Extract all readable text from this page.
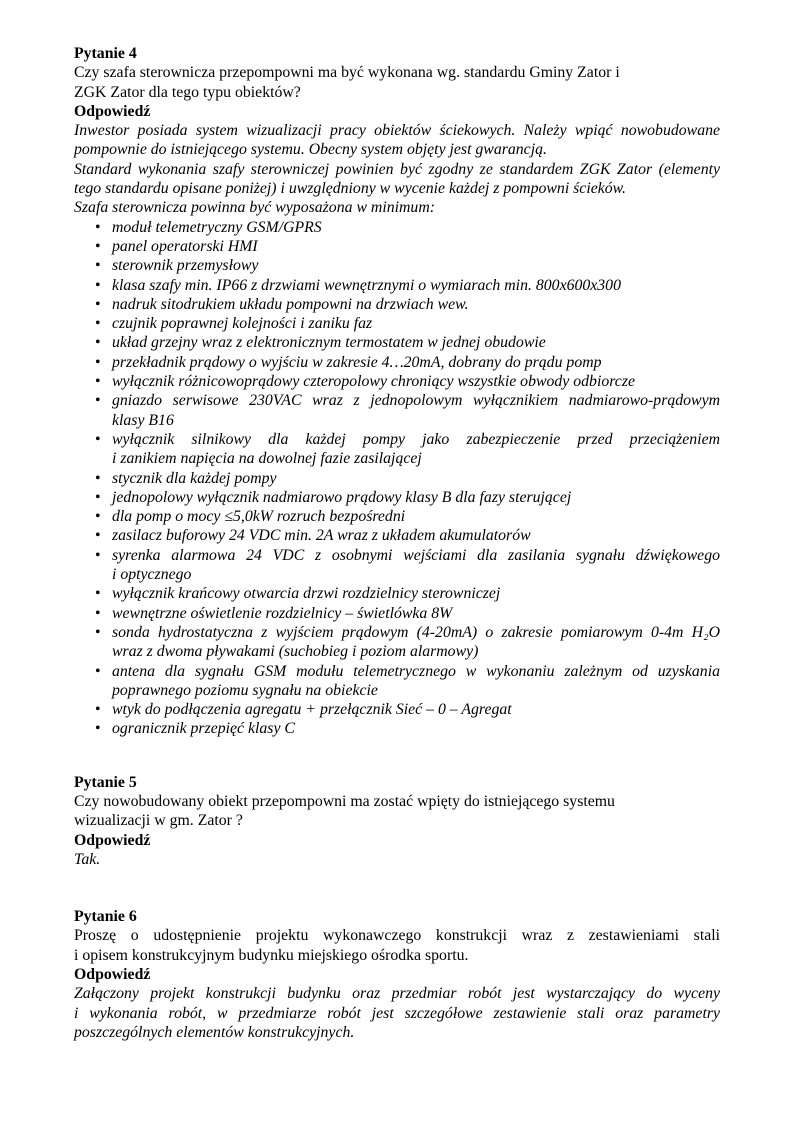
Pytanie 4
Czy szafa sterownicza przepompowni ma być wykonana wg. standardu Gminy Zator i
ZGK Zator dla tego typu obiektów?
Odpowiedź
Inwestor posiada system wizualizacji pracy obiektów ściekowych. Należy wpiąć nowobudowane
pompownie do istniejącego systemu. Obecny system objęty jest gwarancją.
Standard wykonania szafy sterowniczej powinien być zgodny ze standardem ZGK Zator (elementy
tego standardu opisane poniżej) i uwzględniony w wycenie każdej z pompowni ścieków.
Szafa sterownicza powinna być wyposażona w minimum:
• moduł telemetryczny GSM/GPRS
• panel operatorski HMI
• sterownik przemysłowy
• klasa szafy min. IP66 z drzwiami wewnętrznymi o wymiarach min. 800x600x300
• nadruk sitodrukiem układu pompowni na drzwiach wew.
• czujnik poprawnej kolejności i zaniku faz
• układ grzejny wraz z elektronicznym termostatem w jednej obudowie
• przekładnik prądowy o wyjściu w zakresie 4…20mA, dobrany do prądu pomp
• wyłącznik różnicowoprądowy czteropolowy chroniący wszystkie obwody odbiorcze
• gniazdo serwisowe 230VAC wraz z jednopolowym wyłącznikiem nadmiarowo-prądowym
klasy B16
• wyłącznik silnikowy dla każdej pompy jako zabezpieczenie przed przeciążeniem
i zanikiem napięcia na dowolnej fazie zasilającej
• stycznik dla każdej pompy
• jednopolowy wyłącznik nadmiarowo prądowy klasy B dla fazy sterującej
• dla pomp o mocy ≤5,0kW rozruch bezpośredni
• zasilacz buforowy 24 VDC min. 2A wraz z układem akumulatorów
• syrenka alarmowa 24 VDC z osobnymi wejściami dla zasilania sygnału dźwiękowego
i optycznego
• wyłącznik krańcowy otwarcia drzwi rozdzielnicy sterowniczej
• wewnętrzne oświetlenie rozdzielnicy – świetlówka 8W
• sonda hydrostatyczna z wyjściem prądowym (4-20mA) o zakresie pomiarowym 0-4m H₂O
wraz z dwoma pływakami (suchobieg i poziom alarmowy)
• antena dla sygnału GSM modułu telemetrycznego w wykonaniu zależnym od uzyskania
poprawnego poziomu sygnału na obiekcie
• wtyk do podłączenia agregatu + przełącznik Sieć – 0 – Agregat
• ogranicznik przepięć klasy C
Pytanie 5
Czy nowobudowany obiekt przepompowni ma zostać wpięty do istniejącego systemu
wizualizacji w gm. Zator ?
Odpowiedź
Tak.
Pytanie 6
Proszę o udostępnienie projektu wykonawczego konstrukcji wraz z zestawieniami stali
i opisem konstrukcyjnym budynku miejskiego ośrodka sportu.
Odpowiedź
Załączony projekt konstrukcji budynku oraz przedmiar robót jest wystarczający do wyceny
i wykonania robót, w przedmiarze robót jest szczegółowe zestawienie stali oraz parametry
poszczególnych elementów konstrukcyjnych.
